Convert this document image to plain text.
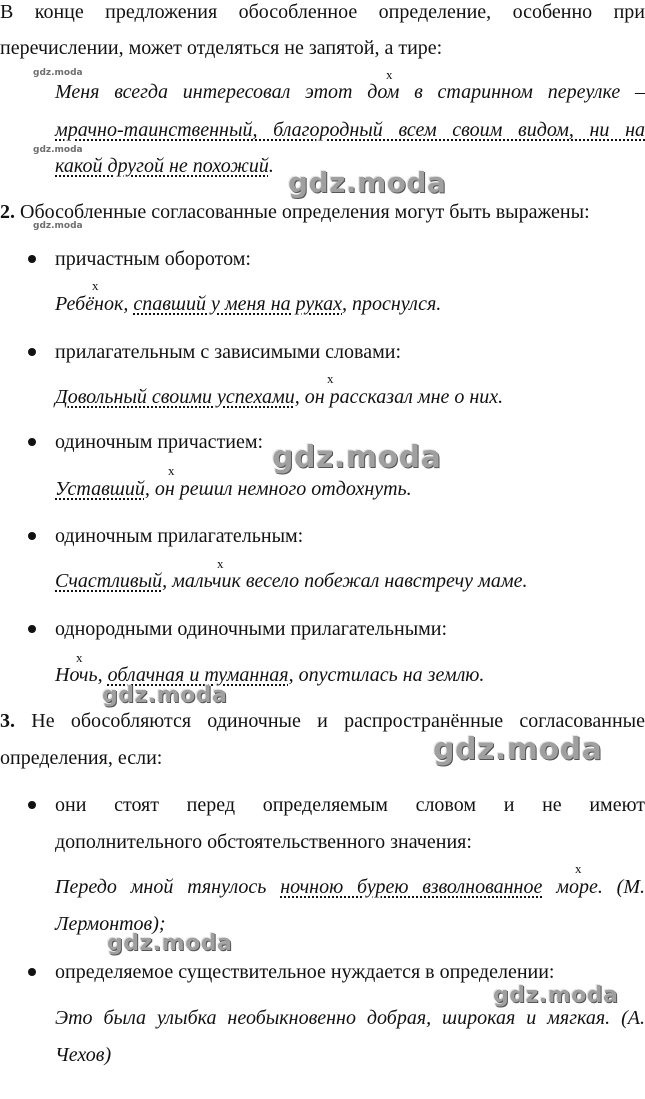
В конце предложения обособленное определение, особенно при
перечислении, может отделяться не запятой, а тире:
x
Меня всегда интересовал этот дом в старинном переулке –
мрачно-таинственный, благородный всем своим видом, ни на
какой другой не похожий.
2. Обособленные согласованные определения могут быть выражены:
причастным оборотом:
x
Ребёнок, спавший у меня на руках, проснулся.
прилагательным с зависимыми словами:
x
Довольный своими успехами, он рассказал мне о них.
одиночным причастием:
x
Уставший, он решил немного отдохнуть.
одиночным прилагательным:
x
Счастливый, мальчик весело побежал навстречу маме.
однородными одиночными прилагательными:
x
Ночь, облачная и туманная, опустилась на землю.
3. Не обособляются одиночные и распространённые согласованные
определения, если:
они стоят перед определяемым словом и не имеют
дополнительного обстоятельственного значения:
x
Передо мной тянулось ночною бурею взволнованное море. (М.
Лермонтов);
определяемое существительное нуждается в определении:
Это была улыбка необыкновенно добрая, широкая и мягкая. (А.
Чехов)
gdz.moda
gdz.moda
gdz.moda
gdz.moda
gdz.moda
gdz.moda
gdz.moda
gdz.moda
gdz.moda
